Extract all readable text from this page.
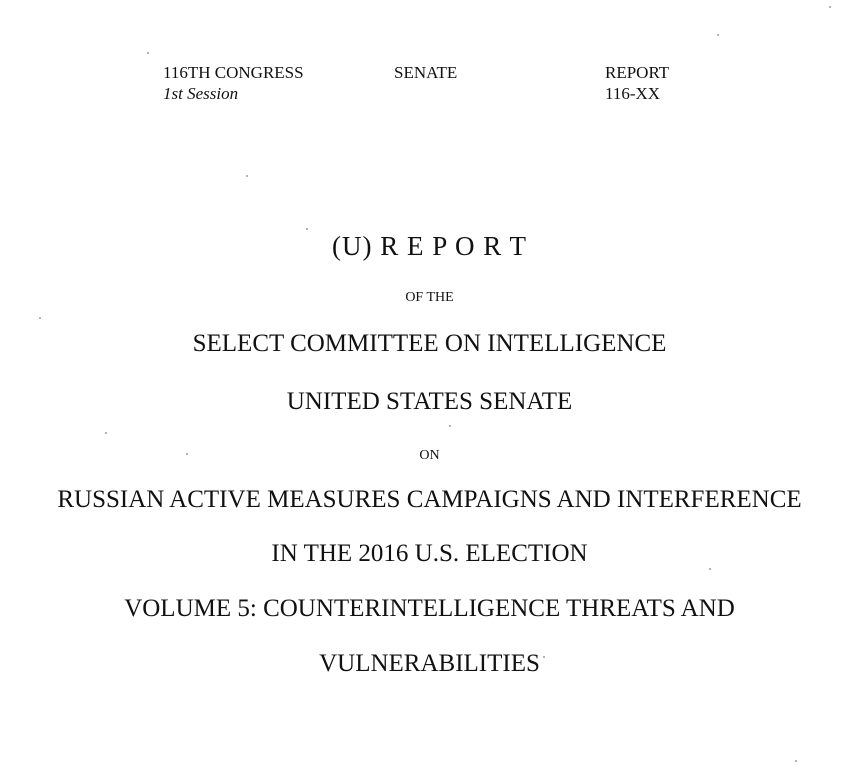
116TH CONGRESS
1st Session
SENATE	REPORT
116-XX
(U) R E P O R T
OF THE
SELECT COMMITTEE ON INTELLIGENCE
UNITED STATES SENATE
ON
RUSSIAN ACTIVE MEASURES CAMPAIGNS AND INTERFERENCE
IN THE 2016 U.S. ELECTION
VOLUME 5: COUNTERINTELLIGENCE THREATS AND
VULNERABILITIES
